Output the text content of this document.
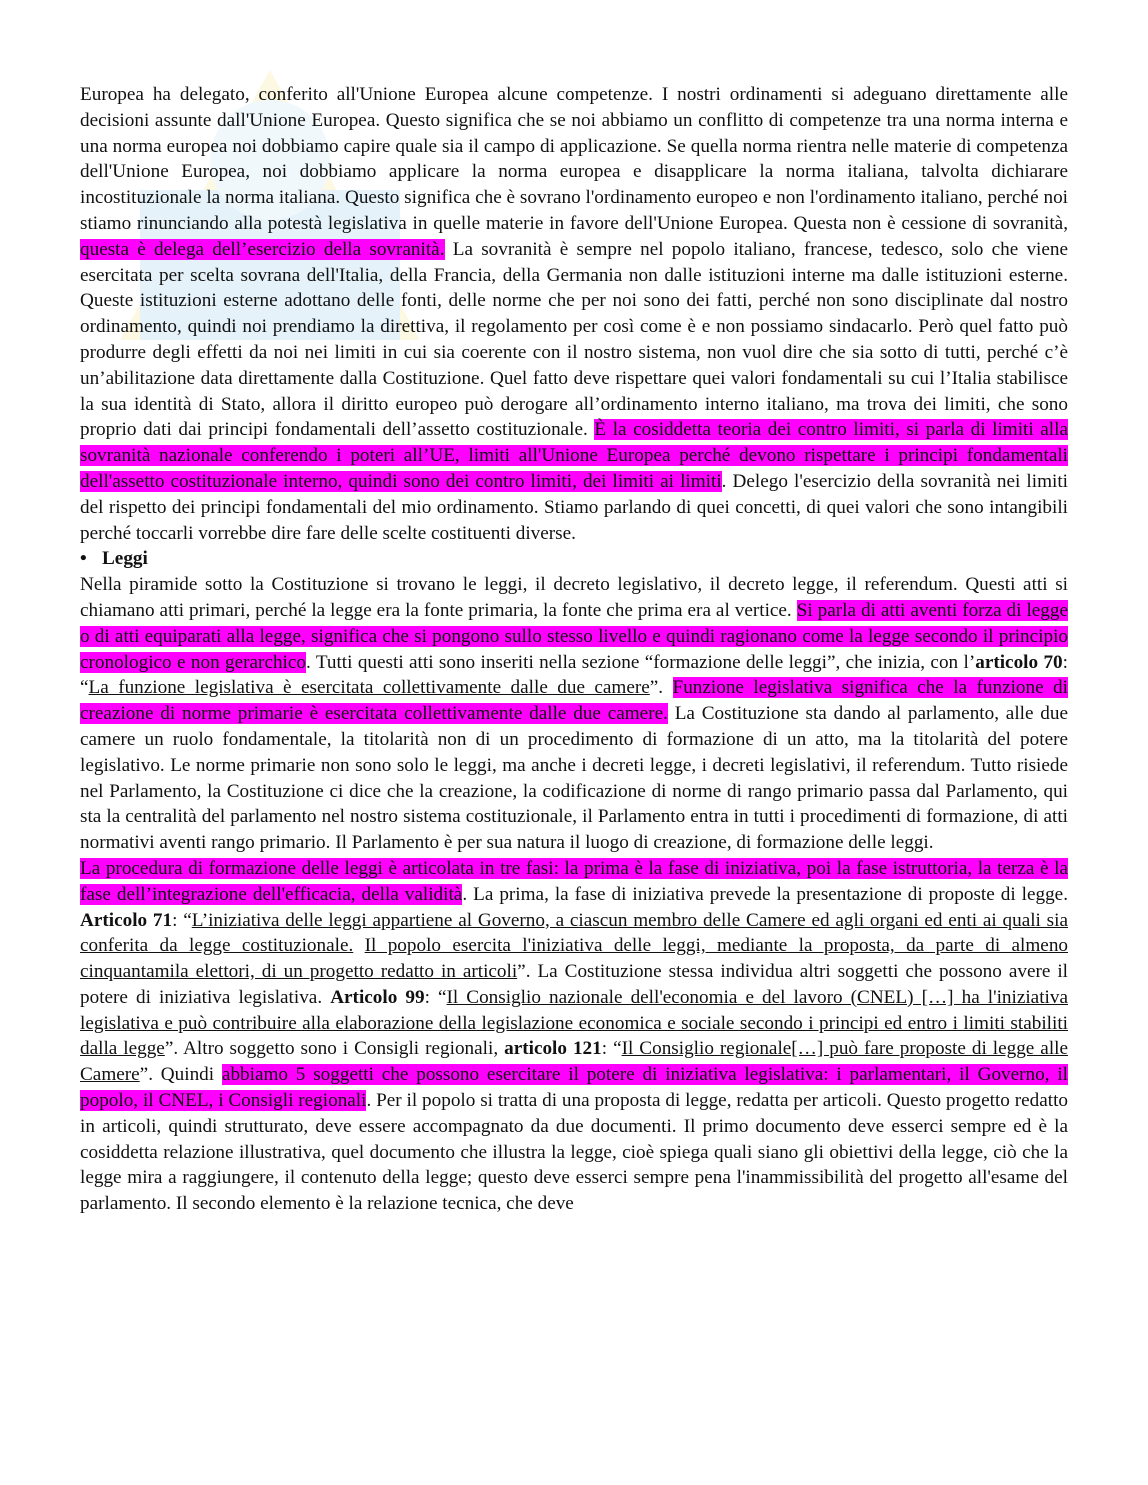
Europea ha delegato, conferito all'Unione Europea alcune competenze. I nostri ordinamenti si adeguano direttamente alle decisioni assunte dall'Unione Europea. Questo significa che se noi abbiamo un conflitto di competenze tra una norma interna e una norma europea noi dobbiamo capire quale sia il campo di applicazione. Se quella norma rientra nelle materie di competenza dell'Unione Europea, noi dobbiamo applicare la norma europea e disapplicare la norma italiana, talvolta dichiarare incostituzionale la norma italiana. Questo significa che è sovrano l'ordinamento europeo e non l'ordinamento italiano, perché noi stiamo rinunciando alla potestà legislativa in quelle materie in favore dell'Unione Europea. Questa non è cessione di sovranità, questa è delega dell’esercizio della sovranità. La sovranità è sempre nel popolo italiano, francese, tedesco, solo che viene esercitata per scelta sovrana dell'Italia, della Francia, della Germania non dalle istituzioni interne ma dalle istituzioni esterne. Queste istituzioni esterne adottano delle fonti, delle norme che per noi sono dei fatti, perché non sono disciplinate dal nostro ordinamento, quindi noi prendiamo la direttiva, il regolamento per così come è e non possiamo sindacarlo. Però quel fatto può produrre degli effetti da noi nei limiti in cui sia coerente con il nostro sistema, non vuol dire che sia sotto di tutti, perché c’è un’abilitazione data direttamente dalla Costituzione. Quel fatto deve rispettare quei valori fondamentali su cui l’Italia stabilisce la sua identità di Stato, allora il diritto europeo può derogare all’ordinamento interno italiano, ma trova dei limiti, che sono proprio dati dai principi fondamentali dell’assetto costituzionale. È la cosiddetta teoria dei contro limiti, si parla di limiti alla sovranità nazionale conferendo i poteri all’UE, limiti all'Unione Europea perché devono rispettare i principi fondamentali dell'assetto costituzionale interno, quindi sono dei contro limiti, dei limiti ai limiti. Delego l'esercizio della sovranità nei limiti del rispetto dei principi fondamentali del mio ordinamento. Stiamo parlando di quei concetti, di quei valori che sono intangibili perché toccarli vorrebbe dire fare delle scelte costituenti diverse.

• Leggi

Nella piramide sotto la Costituzione si trovano le leggi, il decreto legislativo, il decreto legge, il referendum. Questi atti si chiamano atti primari, perché la legge era la fonte primaria, la fonte che prima era al vertice. Si parla di atti aventi forza di legge o di atti equiparati alla legge, significa che si pongono sullo stesso livello e quindi ragionano come la legge secondo il principio cronologico e non gerarchico. Tutti questi atti sono inseriti nella sezione “formazione delle leggi”, che inizia, con l’articolo 70: “La funzione legislativa è esercitata collettivamente dalle due camere”. Funzione legislativa significa che la funzione di creazione di norme primarie è esercitata collettivamente dalle due camere. La Costituzione sta dando al parlamento, alle due camere un ruolo fondamentale, la titolarità non di un procedimento di formazione di un atto, ma la titolarità del potere legislativo. Le norme primarie non sono solo le leggi, ma anche i decreti legge, i decreti legislativi, il referendum. Tutto risiede nel Parlamento, la Costituzione ci dice che la creazione, la codificazione di norme di rango primario passa dal Parlamento, qui sta la centralità del parlamento nel nostro sistema costituzionale, il Parlamento entra in tutti i procedimenti di formazione, di atti normativi aventi rango primario. Il Parlamento è per sua natura il luogo di creazione, di formazione delle leggi.

La procedura di formazione delle leggi è articolata in tre fasi: la prima è la fase di iniziativa, poi la fase istruttoria, la terza è la fase dell’integrazione dell'efficacia, della validità. La prima, la fase di iniziativa prevede la presentazione di proposte di legge. Articolo 71: “L’iniziativa delle leggi appartiene al Governo, a ciascun membro delle Camere ed agli organi ed enti ai quali sia conferita da legge costituzionale. Il popolo esercita l'iniziativa delle leggi, mediante la proposta, da parte di almeno cinquantamila elettori, di un progetto redatto in articoli”. La Costituzione stessa individua altri soggetti che possono avere il potere di iniziativa legislativa. Articolo 99: “Il Consiglio nazionale dell'economia e del lavoro (CNEL) […] ha l'iniziativa legislativa e può contribuire alla elaborazione della legislazione economica e sociale secondo i principi ed entro i limiti stabiliti dalla legge”. Altro soggetto sono i Consigli regionali, articolo 121: “Il Consiglio regionale[…] può fare proposte di legge alle Camere”. Quindi abbiamo 5 soggetti che possono esercitare il potere di iniziativa legislativa: i parlamentari, il Governo, il popolo, il CNEL, i Consigli regionali. Per il popolo si tratta di una proposta di legge, redatta per articoli. Questo progetto redatto in articoli, quindi strutturato, deve essere accompagnato da due documenti. Il primo documento deve esserci sempre ed è la cosiddetta relazione illustrativa, quel documento che illustra la legge, cioè spiega quali siano gli obiettivi della legge, ciò che la legge mira a raggiungere, il contenuto della legge; questo deve esserci sempre pena l'inammissibilità del progetto all'esame del parlamento. Il secondo elemento è la relazione tecnica, che deve
